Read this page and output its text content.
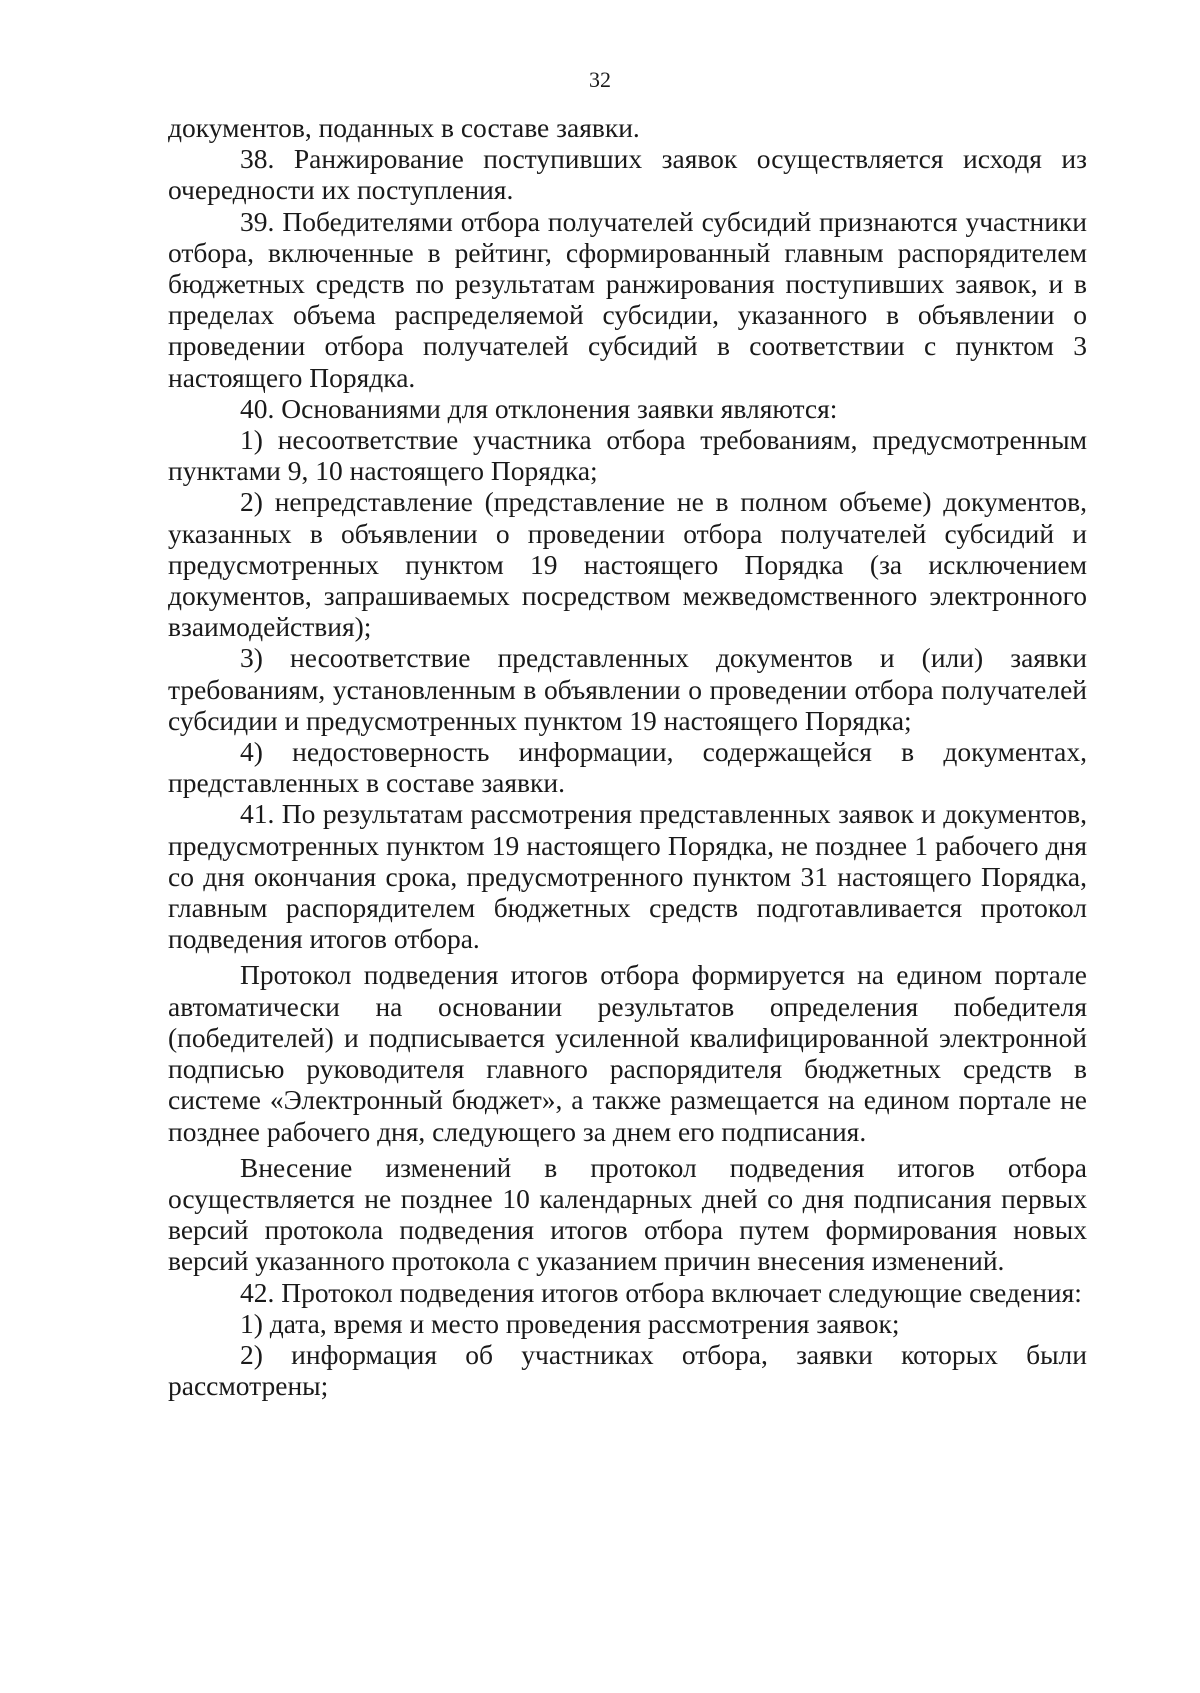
32

документов, поданных в составе заявки.

38. Ранжирование поступивших заявок осуществляется исходя из очередности их поступления.

39. Победителями отбора получателей субсидий признаются участники отбора, включенные в рейтинг, сформированный главным распорядителем бюджетных средств по результатам ранжирования поступивших заявок, и в пределах объема распределяемой субсидии, указанного в объявлении о проведении отбора получателей субсидий в соответствии с пунктом 3 настоящего Порядка.

40. Основаниями для отклонения заявки являются:

1) несоответствие участника отбора требованиям, предусмотренным пунктами 9, 10 настоящего Порядка;

2) непредставление (представление не в полном объеме) документов, указанных в объявлении о проведении отбора получателей субсидий и предусмотренных пунктом 19 настоящего Порядка (за исключением документов, запрашиваемых посредством межведомственного электронного взаимодействия);

3) несоответствие представленных документов и (или) заявки требованиям, установленным в объявлении о проведении отбора получателей субсидии и предусмотренных пунктом 19 настоящего Порядка;

4) недостоверность информации, содержащейся в документах, представленных в составе заявки.

41. По результатам рассмотрения представленных заявок и документов, предусмотренных пунктом 19 настоящего Порядка, не позднее 1 рабочего дня со дня окончания срока, предусмотренного пунктом 31 настоящего Порядка, главным распорядителем бюджетных средств подготавливается протокол подведения итогов отбора.

Протокол подведения итогов отбора формируется на едином портале автоматически на основании результатов определения победителя (победителей) и подписывается усиленной квалифицированной электронной подписью руководителя главного распорядителя бюджетных средств в системе «Электронный бюджет», а также размещается на едином портале не позднее рабочего дня, следующего за днем его подписания.

Внесение изменений в протокол подведения итогов отбора осуществляется не позднее 10 календарных дней со дня подписания первых версий протокола подведения итогов отбора путем формирования новых версий указанного протокола с указанием причин внесения изменений.

42. Протокол подведения итогов отбора включает следующие сведения:

1) дата, время и место проведения рассмотрения заявок;

2) информация об участниках отбора, заявки которых были рассмотрены;
